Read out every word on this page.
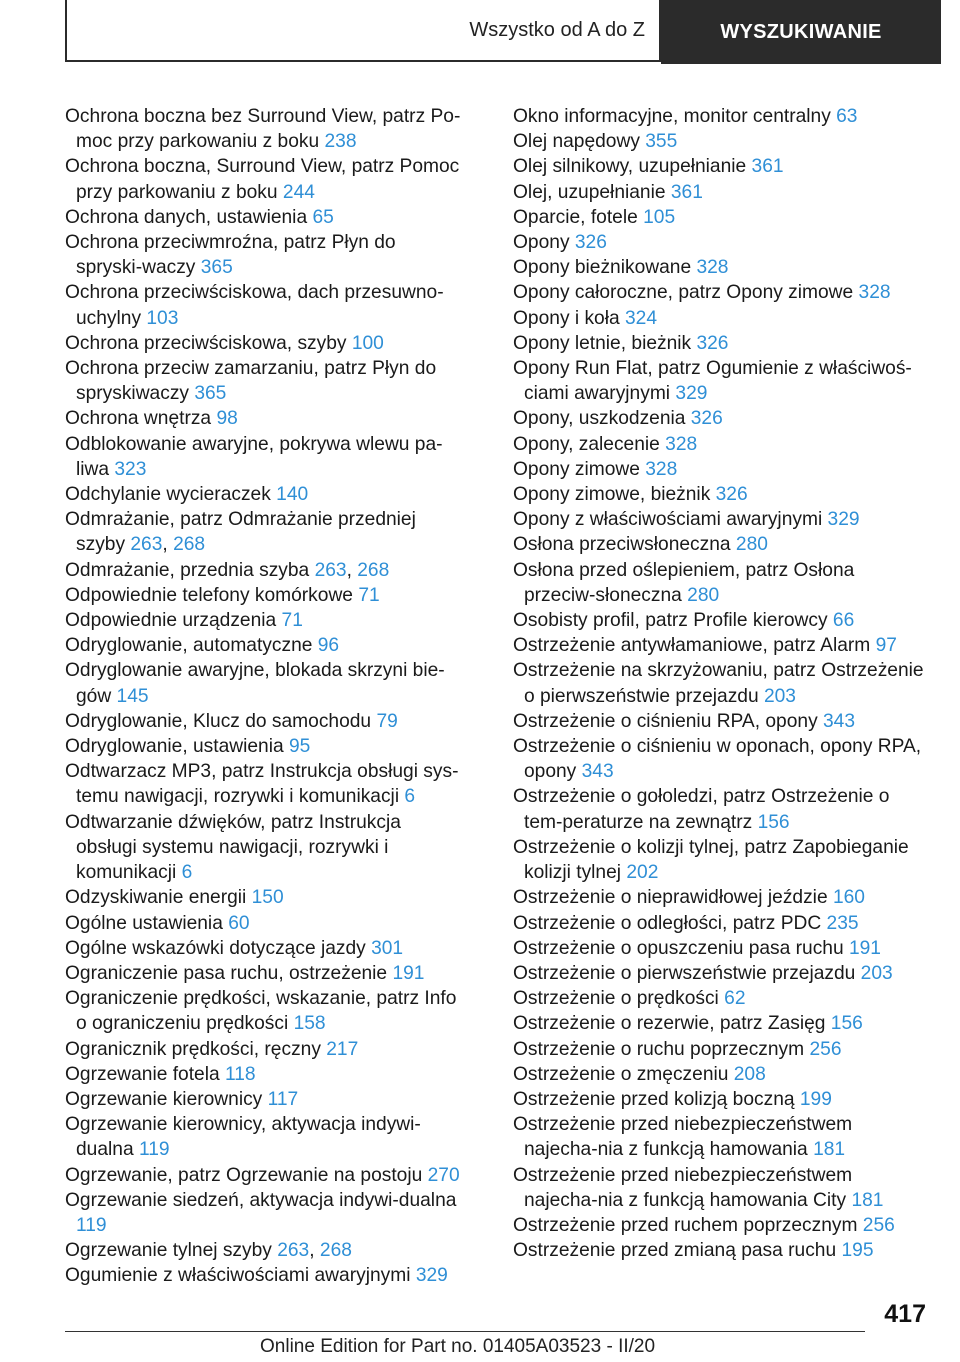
Wszystko od A do Z	WYSZUKIWANIE
Ochrona boczna bez Surround View, patrz Po-moc przy parkowaniu z boku 238
Ochrona boczna, Surround View, patrz Pomoc przy parkowaniu z boku 244
Ochrona danych, ustawienia 65
Ochrona przeciwmroźna, patrz Płyn do spryski-waczy 365
Ochrona przeciwściskowa, dach przesuwno-uchylny 103
Ochrona przeciwściskowa, szyby 100
Ochrona przeciw zamarzaniu, patrz Płyn do spryskiwaczy 365
Ochrona wnętrza 98
Odblokowanie awaryjne, pokrywa wlewu pa-liwa 323
Odchylanie wycieraczek 140
Odmrażanie, patrz Odmrażanie przedniej szyby 263, 268
Odmrażanie, przednia szyba 263, 268
Odpowiednie telefony komórkowe 71
Odpowiednie urządzenia 71
Odryglowanie, automatyczne 96
Odryglowanie awaryjne, blokada skrzyni bie-gów 145
Odryglowanie, Klucz do samochodu 79
Odryglowanie, ustawienia 95
Odtwarzacz MP3, patrz Instrukcja obsługi sys-temu nawigacji, rozrywki i komunikacji 6
Odtwarzanie dźwięków, patrz Instrukcja obsługi systemu nawigacji, rozrywki i komunikacji 6
Odzyskiwanie energii 150
Ogólne ustawienia 60
Ogólne wskazówki dotyczące jazdy 301
Ograniczenie pasa ruchu, ostrzeżenie 191
Ograniczenie prędkości, wskazanie, patrz Info o ograniczeniu prędkości 158
Ogranicznik prędkości, ręczny 217
Ogrzewanie fotela 118
Ogrzewanie kierownicy 117
Ogrzewanie kierownicy, aktywacja indywi-dualna 119
Ogrzewanie, patrz Ogrzewanie na postoju 270
Ogrzewanie siedzeń, aktywacja indywi-dualna 119
Ogrzewanie tylnej szyby 263, 268
Ogumienie z właściwościami awaryjnymi 329
Okno informacyjne, monitor centralny 63
Olej napędowy 355
Olej silnikowy, uzupełnianie 361
Olej, uzupełnianie 361
Oparcie, fotele 105
Opony 326
Opony bieżnikowane 328
Opony całoroczne, patrz Opony zimowe 328
Opony i koła 324
Opony letnie, bieżnik 326
Opony Run Flat, patrz Ogumienie z właściwoś-ciami awaryjnymi 329
Opony, uszkodzenia 326
Opony, zalecenie 328
Opony zimowe 328
Opony zimowe, bieżnik 326
Opony z właściwościami awaryjnymi 329
Osłona przeciwsłoneczna 280
Osłona przed oślepieniem, patrz Osłona przeciw-słoneczna 280
Osobisty profil, patrz Profile kierowcy 66
Ostrzeżenie antywłamaniowe, patrz Alarm 97
Ostrzeżenie na skrzyżowaniu, patrz Ostrzeżenie o pierwszeństwie przejazdu 203
Ostrzeżenie o ciśnieniu RPA, opony 343
Ostrzeżenie o ciśnieniu w oponach, opony RPA, opony 343
Ostrzeżenie o gołoledzi, patrz Ostrzeżenie o tem-peraturze na zewnątrz 156
Ostrzeżenie o kolizji tylnej, patrz Zapobieganie kolizji tylnej 202
Ostrzeżenie o nieprawidłowej jeździe 160
Ostrzeżenie o odległości, patrz PDC 235
Ostrzeżenie o opuszczeniu pasa ruchu 191
Ostrzeżenie o pierwszeństwie przejazdu 203
Ostrzeżenie o prędkości 62
Ostrzeżenie o rezerwie, patrz Zasięg 156
Ostrzeżenie o ruchu poprzecznym 256
Ostrzeżenie o zmęczeniu 208
Ostrzeżenie przed kolizją boczną 199
Ostrzeżenie przed niebezpieczeństwem najecha-nia z funkcją hamowania 181
Ostrzeżenie przed niebezpieczeństwem najecha-nia z funkcją hamowania City 181
Ostrzeżenie przed ruchem poprzecznym 256
Ostrzeżenie przed zmianą pasa ruchu 195
417
Online Edition for Part no. 01405A03523 - II/20
